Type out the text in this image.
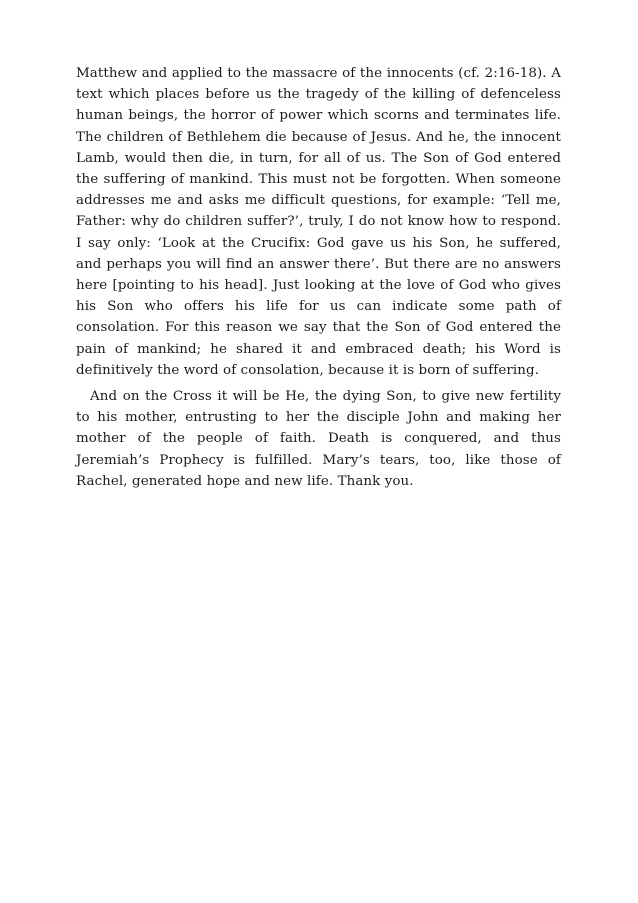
Matthew and applied to the massacre of the innocents (cf. 2:16-18). A text which places before us the tragedy of the killing of defenceless human beings, the horror of power which scorns and terminates life. The children of Bethlehem die because of Jesus. And he, the innocent Lamb, would then die, in turn, for all of us. The Son of God entered the suffering of mankind. This must not be forgotten. When someone addresses me and asks me difficult questions, for example: ‘Tell me, Father: why do children suffer?’, truly, I do not know how to respond. I say only: ‘Look at the Crucifix: God gave us his Son, he suffered, and perhaps you will find an answer there’. But there are no answers here [pointing to his head]. Just looking at the love of God who gives his Son who offers his life for us can indicate some path of consolation. For this reason we say that the Son of God entered the pain of mankind; he shared it and embraced death; his Word is definitively the word of consolation, because it is born of suffering.

And on the Cross it will be He, the dying Son, to give new fertility to his mother, entrusting to her the disciple John and making her mother of the people of faith. Death is conquered, and thus Jeremiah’s Prophecy is fulfilled. Mary’s tears, too, like those of Rachel, generated hope and new life. Thank you.
